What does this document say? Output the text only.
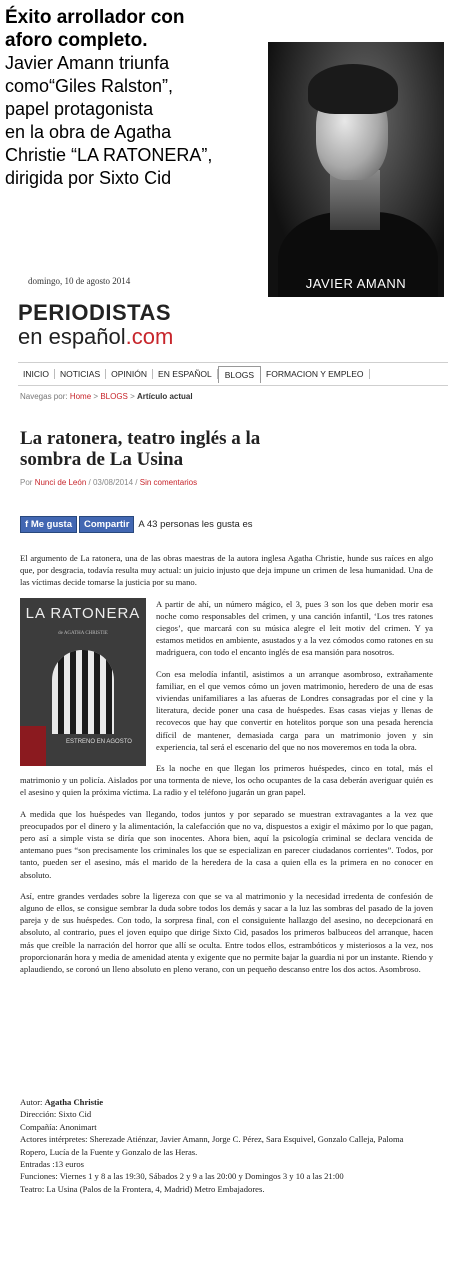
Éxito arrollador con
aforo completo.
Javier Amann triunfa
como“Giles Ralston”,
papel protagonista
en la obra de Agatha
Christie “LA RATONERA”,
dirigida por Sixto Cid
JAVIER AMANN
domingo, 10 de agosto 2014
PERIODISTAS
en español.com
INICIO	NOTICIAS	OPINIÓN	EN ESPAÑOL	BLOGS	FORMACION Y EMPLEO
Navegas por: Home > BLOGS > Artículo actual
La ratonera, teatro inglés a la sombra de La Usina
Por Nunci de León / 03/08/2014 / Sin comentarios
f Me gusta	Compartir A 43 personas les gusta es

El argumento de La ratonera, una de las obras maestras de la autora inglesa Agatha Christie, hunde sus raíces en algo que, por desgracia, todavía resulta muy actual: un juicio injusto que deja impune un crimen de lesa humanidad. Una de las víctimas decide tomarse la justicia por su mano.

LA RATONERA
de AGATHA CHRISTIE
ESTRENO EN AGOSTO

A partir de ahí, un número mágico, el 3, pues 3 son los que deben morir esa noche como responsables del crimen, y una canción infantil, ‘Los tres ratones ciegos’, que marcará con su música alegre el leit motiv del crimen. Y ya estamos metidos en ambiente, asustados y a la vez cómodos como ratones en su madriguera, con todo el encanto inglés de esa mansión para nosotros.

Con esa melodía infantil, asistimos a un arranque asombroso, extrañamente familiar, en el que vemos cómo un joven matrimonio, heredero de una de esas viviendas unifamiliares a las afueras de Londres consagradas por el cine y la literatura, decide poner una casa de huéspedes. Esas casas viejas y llenas de recovecos que hay que convertir en hotelitos porque son una pesada herencia difícil de mantener, demasiada carga para un matrimonio joven y sin experiencia, tal será el escenario del que no nos moveremos en toda la obra.

Es la noche en que llegan los primeros huéspedes, cinco en total, más el matrimonio y un policía. Aislados por una tormenta de nieve, los ocho ocupantes de la casa deberán averiguar quién es el asesino y quien la próxima víctima. La radio y el teléfono jugarán un gran papel.

A medida que los huéspedes van llegando, todos juntos y por separado se muestran extravagantes a la vez que preocupados por el dinero y la alimentación, la calefacción que no va, dispuestos a exigir el máximo por lo que pagan, pero así a simple vista se diría que son inocentes. Ahora bien, aquí la psicología criminal se declara vencida de antemano pues “son precisamente los criminales los que se especializan en parecer ciudadanos corrientes”. Todos, por tanto, pueden ser el asesino, más el marido de la heredera de la casa a quien ella es la primera en no conocer en absoluto.

Así, entre grandes verdades sobre la ligereza con que se va al matrimonio y la necesidad irredenta de confesión de alguno de ellos, se consigue sembrar la duda sobre todos los demás y sacar a la luz las sombras del pasado de la joven pareja y de sus huéspedes. Con todo, la sorpresa final, con el consiguiente hallazgo del asesino, no decepcionará en absoluto, al contrario, pues el joven equipo que dirige Sixto Cid, pasados los primeros balbuceos del arranque, hacen más que creíble la narración del horror que allí se oculta. Entre todos ellos, estrambóticos y misteriosos a la vez, nos proporcionarán hora y media de amenidad atenta y exigente que no permite bajar la guardia ni por un instante. Riendo y aplaudiendo, se coronó un lleno absoluto en pleno verano, con un pequeño descanso entre los dos actos. Asombroso.

Autor: Agatha Christie
Dirección: Sixto Cid
Compañía: Anonimart
Actores intérpretes: Sherezade Atiénzar, Javier Amann, Jorge C. Pérez, Sara Esquivel, Gonzalo Calleja, Paloma Ropero, Lucía de la Fuente y Gonzalo de las Heras.
Entradas :13 euros
Funciones: Viernes 1 y 8 a las 19:30, Sábados 2 y 9 a las 20:00 y Domingos 3 y 10 a las 21:00
Teatro: La Usina (Palos de la Frontera, 4, Madrid) Metro Embajadores.
